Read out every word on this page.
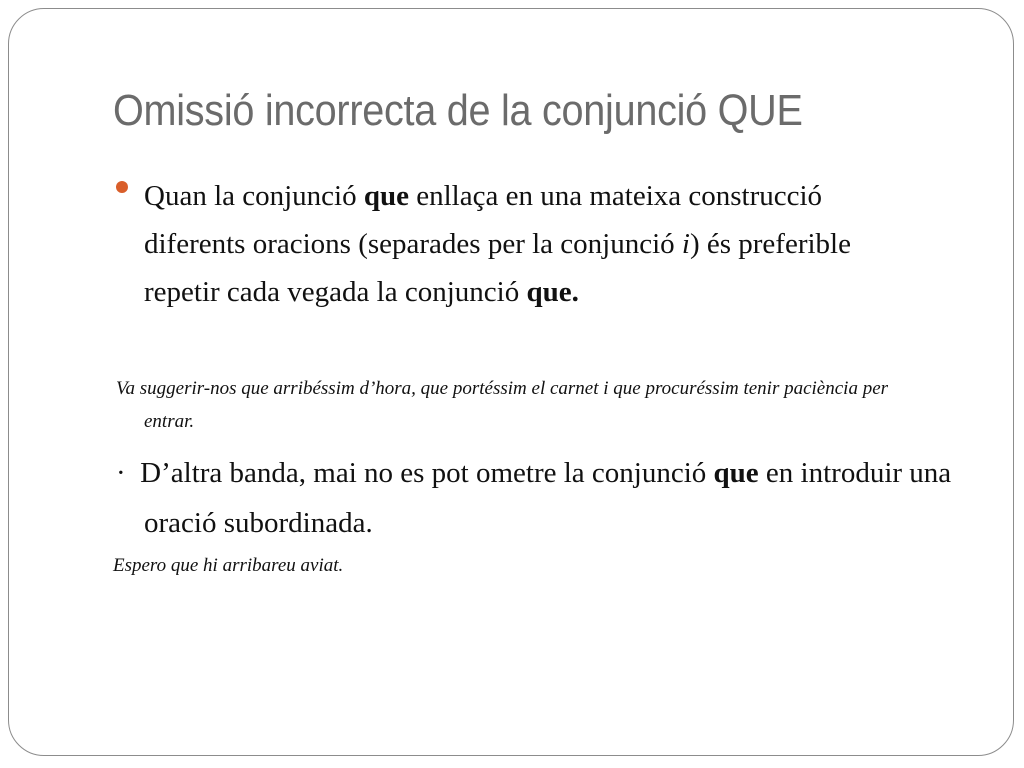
Omissió incorrecta de la conjunció QUE

Quan la conjunció que enllaça en una mateixa construcció diferents oracions (separades per la conjunció i) és preferible repetir cada vegada la conjunció que.

Va suggerir-nos que arribéssim d’hora, que portéssim el carnet i que procuréssim tenir paciència per entrar.

·  D’altra banda, mai no es pot ometre la conjunció que en introduir una oració subordinada.

Espero que hi arribareu aviat.
